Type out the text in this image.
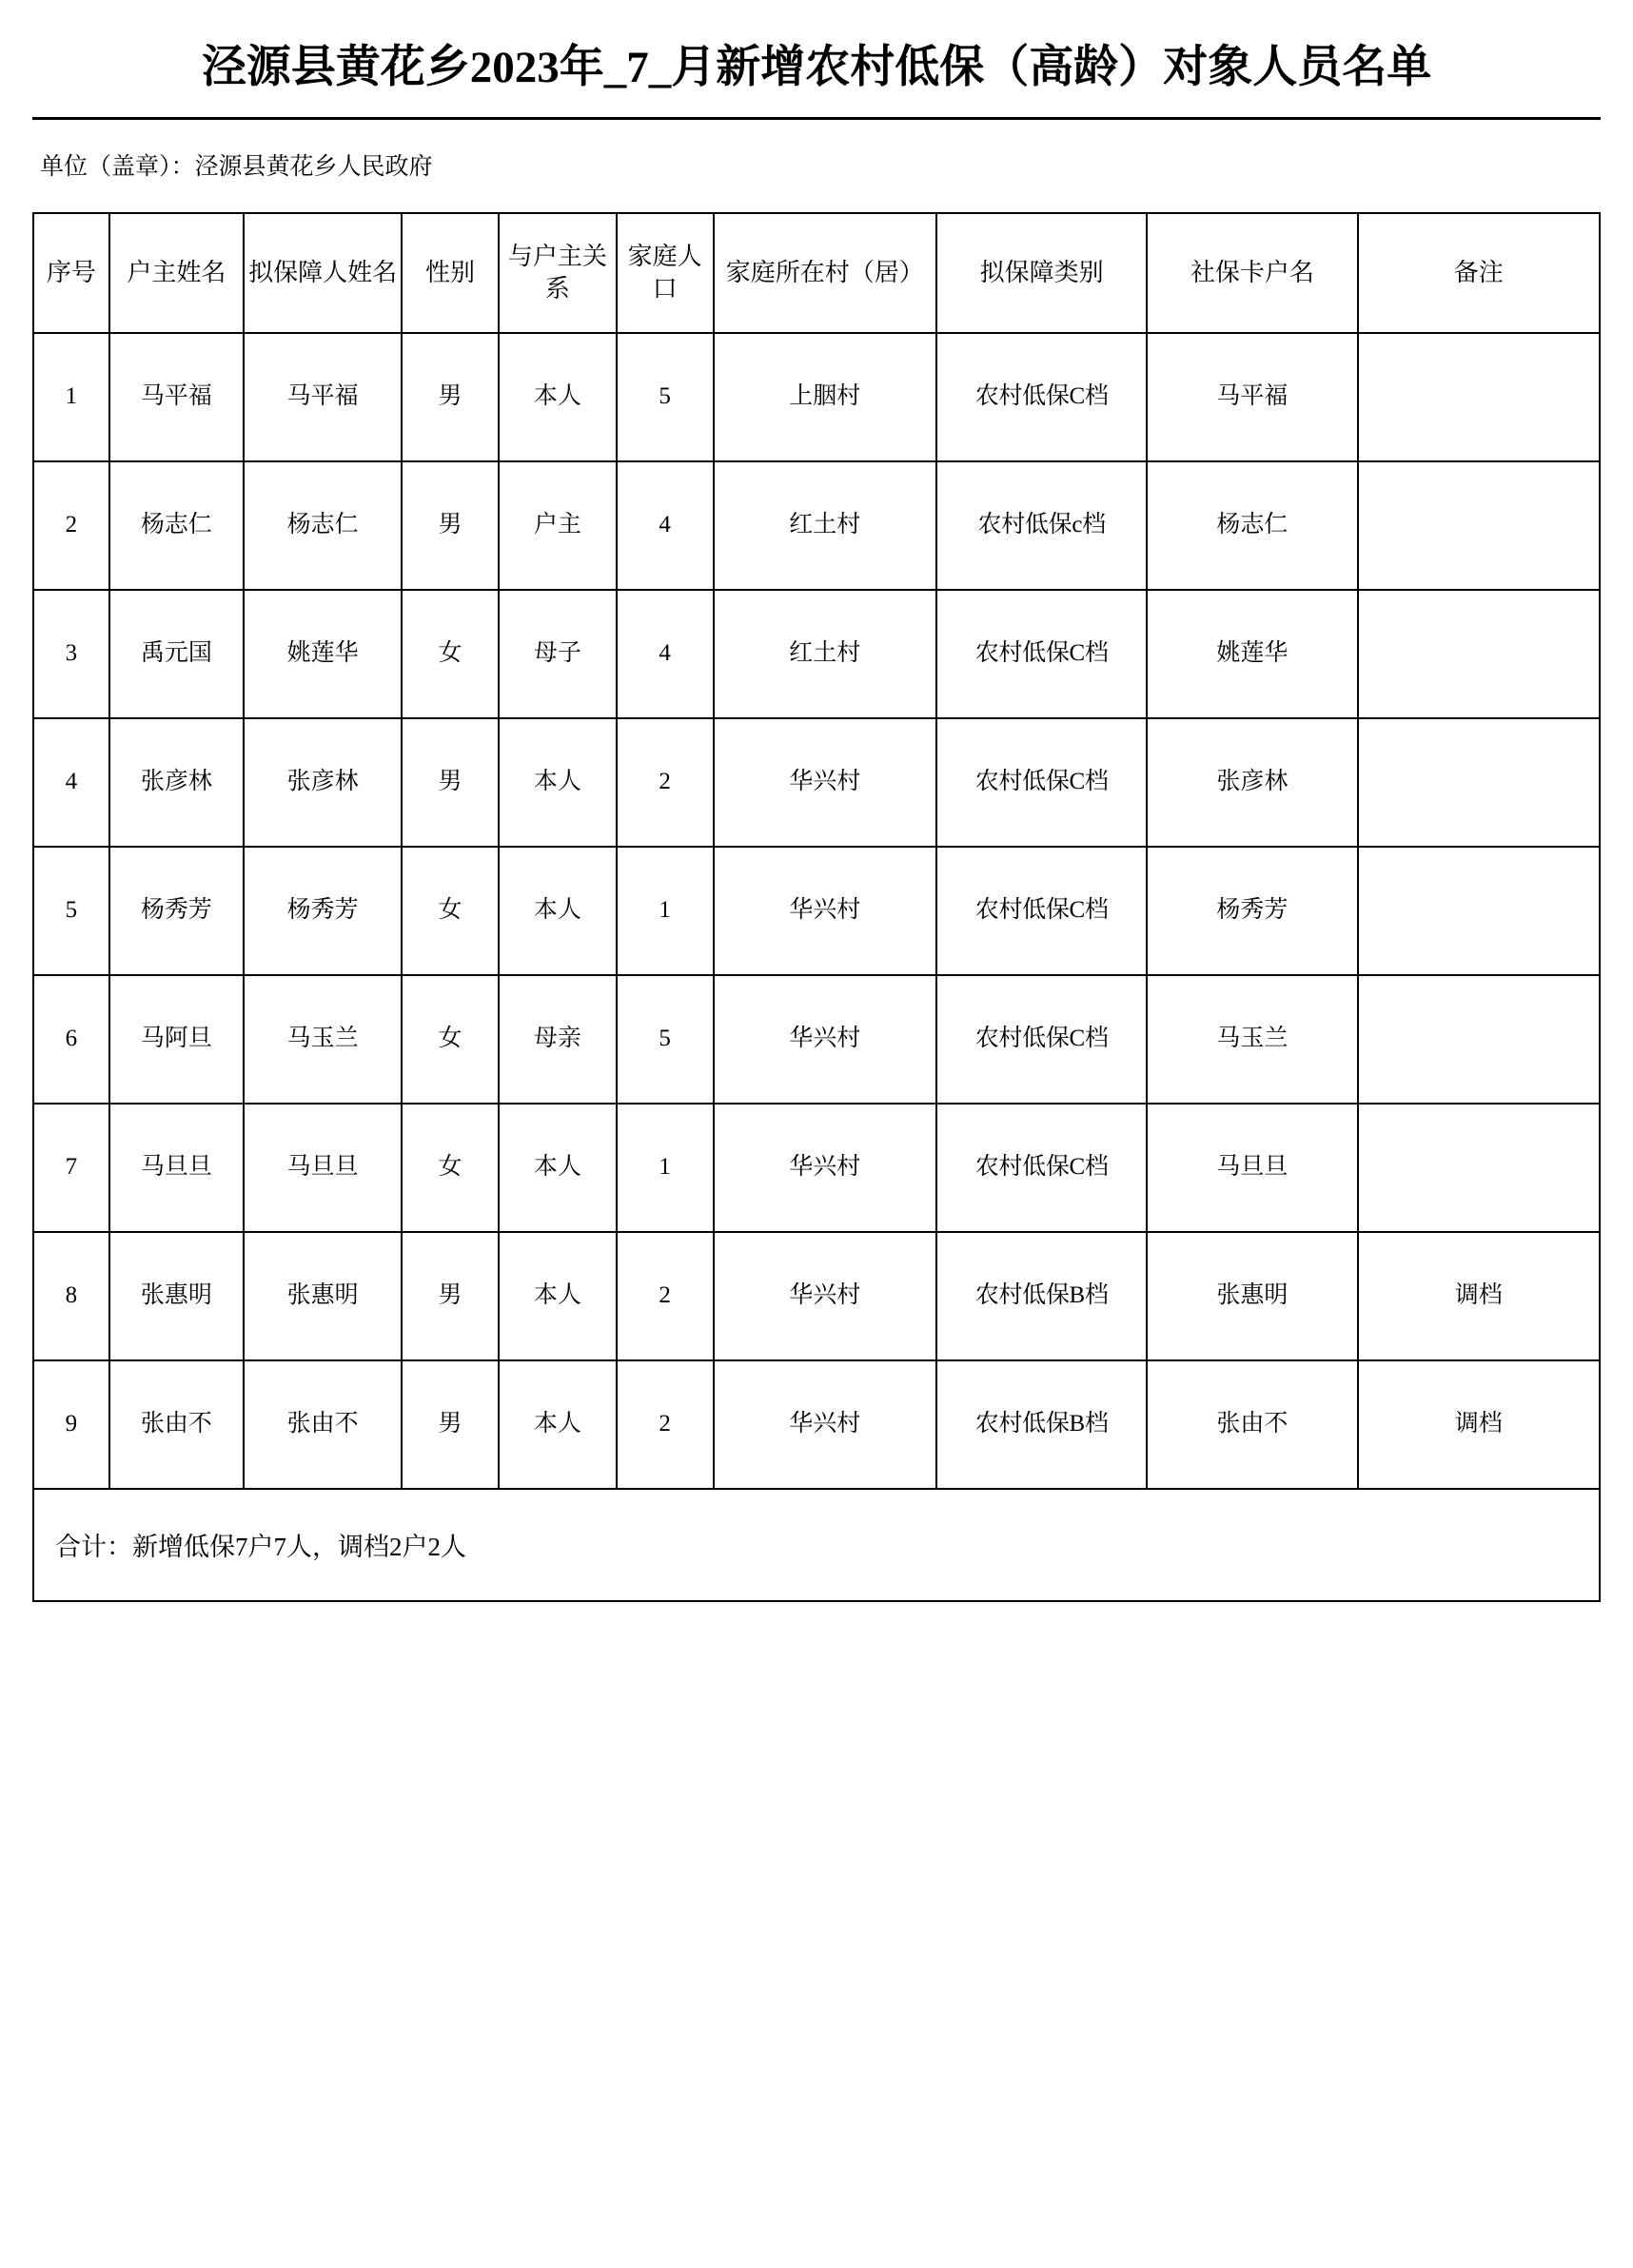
泾源县黄花乡2023年_7_月新增农村低保（高龄）对象人员名单
单位（盖章）：泾源县黄花乡人民政府
序号	户主姓名	拟保障人姓名	性别	与户主关系	家庭人口	家庭所在村（居）	拟保障类别	社保卡户名	备注
1	马平福	马平福	男	本人	5	上胭村	农村低保C档	马平福	
2	杨志仁	杨志仁	男	户主	4	红土村	农村低保c档	杨志仁	
3	禹元国	姚莲华	女	母子	4	红土村	农村低保C档	姚莲华	
4	张彦林	张彦林	男	本人	2	华兴村	农村低保C档	张彦林	
5	杨秀芳	杨秀芳	女	本人	1	华兴村	农村低保C档	杨秀芳	
6	马阿旦	马玉兰	女	母亲	5	华兴村	农村低保C档	马玉兰	
7	马旦旦	马旦旦	女	本人	1	华兴村	农村低保C档	马旦旦	
8	张惠明	张惠明	男	本人	2	华兴村	农村低保B档	张惠明	调档
9	张由不	张由不	男	本人	2	华兴村	农村低保B档	张由不	调档
合计：新增低保7户7人，调档2户2人
